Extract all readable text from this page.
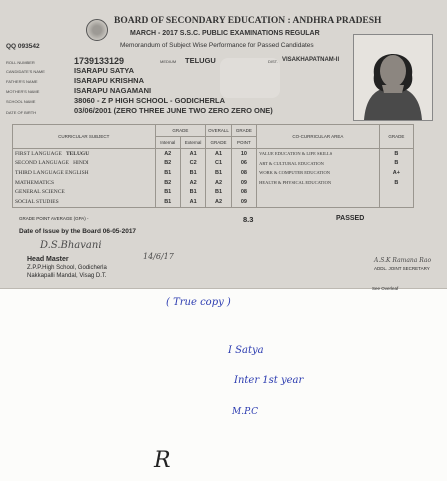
BOARD OF SECONDARY EDUCATION : ANDHRA PRADESH
MARCH - 2017 S.S.C. PUBLIC EXAMINATIONS REGULAR
Memorandum of Subject Wise Performance for Passed Candidates
QQ 093542
ROLL NUMBER	1739133129	MEDIUM TELUGU	DIST. VISAKHAPATNAM-II
CANDIDATE'S NAME	ISARAPU SATYA
FATHER'S NAME	ISARAPU KRISHNA
MOTHER'S NAME	ISARAPU NAGAMANI
SCHOOL NAME	38060 - Z P HIGH SCHOOL - GODICHERLA
DATE OF BIRTH	03/06/2001 (ZERO THREE JUNE TWO ZERO ZERO ONE)
CURRICULAR SUBJECT	GRADE		OVERALL	GRADE	CO-CURRICULAR AREA	GRADE
	Internal	External	GRADE	POINT		
FIRST LANGUAGE TELUGU	A2	A1	A1	10	VALUE EDUCATION & LIFE SKILLS	B
SECOND LANGUAGE HINDI	B2	C2	C1	06	ART & CULTURAL EDUCATION	B
THIRD LANGUAGE ENGLISH	B1	B1	B1	08	WORK & COMPUTER EDUCATION	A+
MATHEMATICS	B2	A2	A2	09	HEALTH & PHYSICAL EDUCATION	B
GENERAL SCIENCE	B1	B1	B1	08		
SOCIAL STUDIES	B1	A1	A2	09		
GRADE POINT AVERAGE (GPA) -	8.3	PASSED
Date of Issue by the Board 06-05-2017
D.S.Bhavani
14/6/17
Head Master
Z.P.P.High School, Godicherla
Nakkapalli Mandal, Visag D.T.
A.S.K Ramana Rao
ADDL. JOINT SECRETARY
See Overleaf
( True copy )
I Satya
Inter 1st year
M.P.C
R
